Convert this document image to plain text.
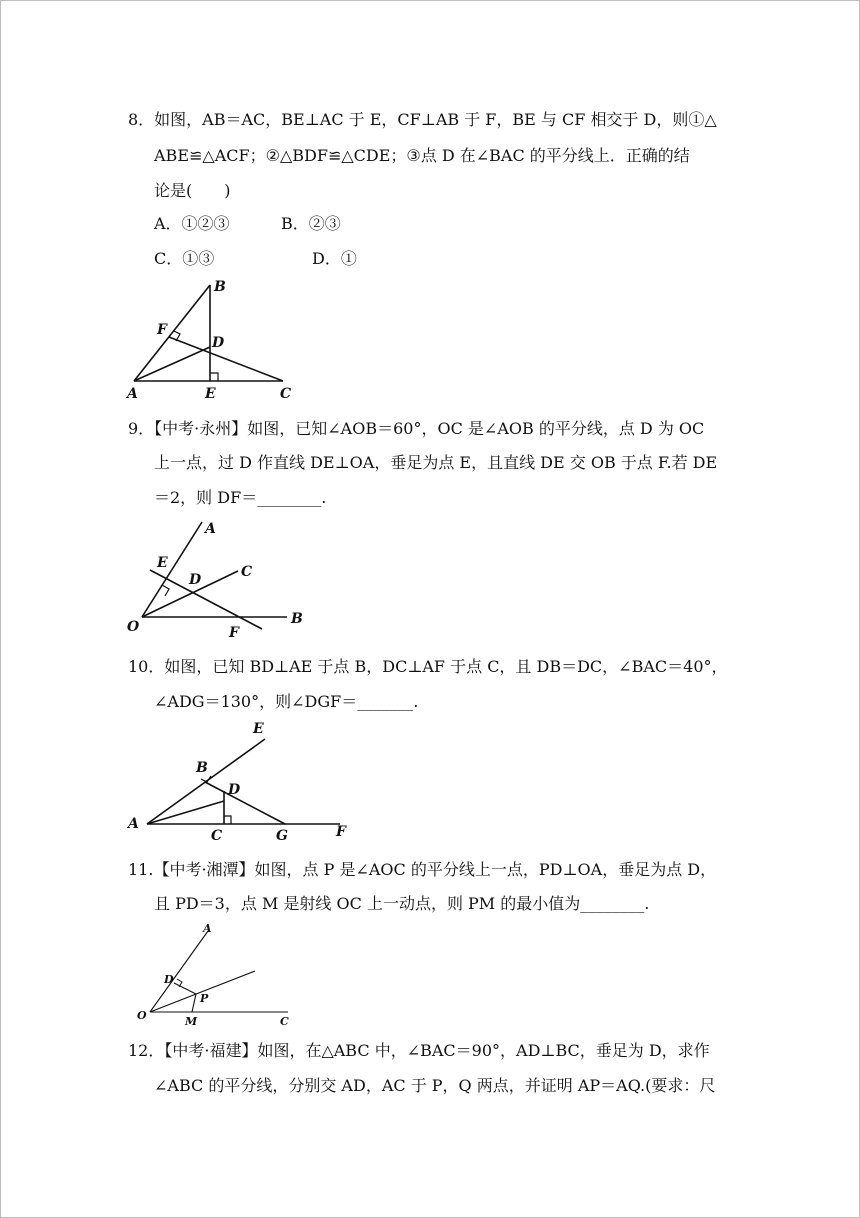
8．如图，AB＝AC，BE⊥AC 于 E，CF⊥AB 于 F，BE 与 CF 相交于 D，则①△
ABE≌△ACF；②△BDF≌△CDE；③点 D 在∠BAC 的平分线上．正确的结
论是(　　)
A．①②③	B．②③
C．①③	D．①
B
F
D
A	E	C
9．【中考·永州】如图，已知∠AOB＝60°，OC 是∠AOB 的平分线，点 D 为 OC
上一点，过 D 作直线 DE⊥OA，垂足为点 E，且直线 DE 交 OB 于点 F.若 DE
＝2，则 DF＝________.
A
E
D	C
O	F
B
10．如图，已知 BD⊥AE 于点 B，DC⊥AF 于点 C，且 DB＝DC，∠BAC＝40°，
∠ADG＝130°，则∠DGF＝_______.
E
B
D
A
C	G	F
11.【中考·湘潭】如图，点 P 是∠AOC 的平分线上一点，PD⊥OA，垂足为点 D，
且 PD＝3，点 M 是射线 OC 上一动点，则 PM 的最小值为________.
A
D
P
O	M	C
12．【中考·福建】如图，在△ABC 中，∠BAC＝90°，AD⊥BC，垂足为 D，求作
∠ABC 的平分线，分别交 AD，AC 于 P，Q 两点，并证明 AP＝AQ.(要求：尺
